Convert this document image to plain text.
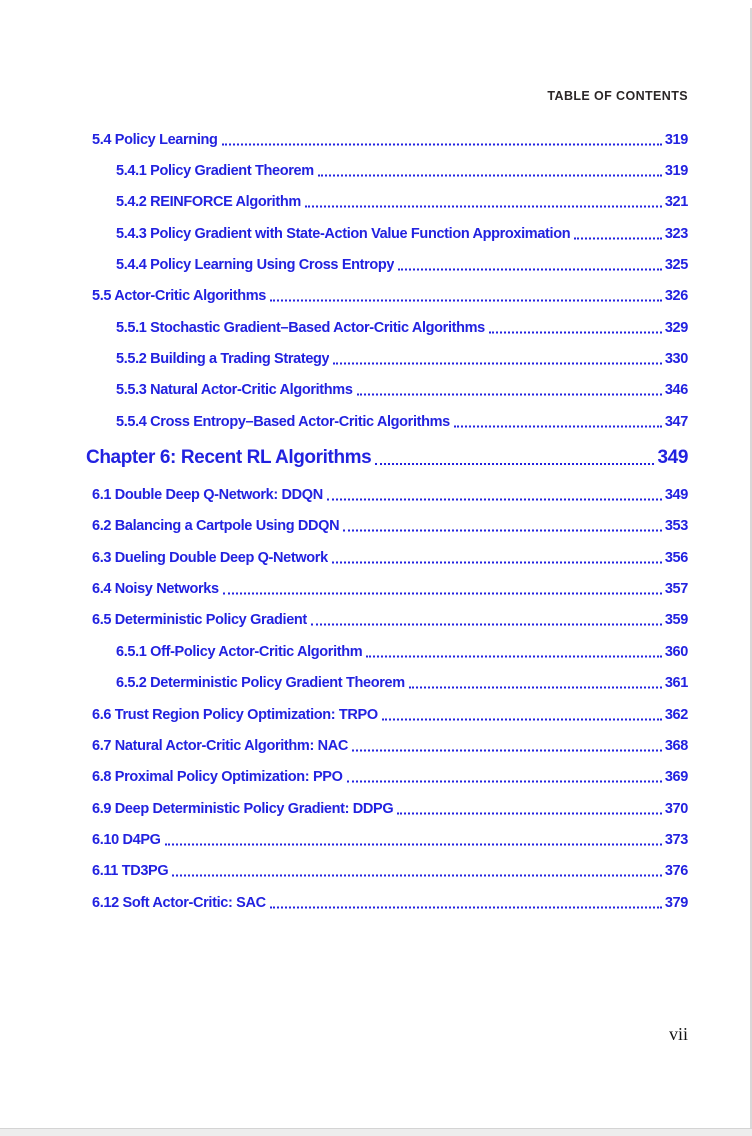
TABLE OF CONTENTS
5.4 Policy Learning	319
5.4.1 Policy Gradient Theorem	319
5.4.2 REINFORCE Algorithm	321
5.4.3 Policy Gradient with State-Action Value Function Approximation	323
5.4.4 Policy Learning Using Cross Entropy	325
5.5 Actor-Critic Algorithms	326
5.5.1 Stochastic Gradient–Based Actor-Critic Algorithms	329
5.5.2 Building a Trading Strategy	330
5.5.3 Natural Actor-Critic Algorithms	346
5.5.4 Cross Entropy–Based Actor-Critic Algorithms	347
Chapter 6: Recent RL Algorithms	349
6.1 Double Deep Q-Network: DDQN	349
6.2 Balancing a Cartpole Using DDQN	353
6.3 Dueling Double Deep Q-Network	356
6.4 Noisy Networks	357
6.5 Deterministic Policy Gradient	359
6.5.1 Off-Policy Actor-Critic Algorithm	360
6.5.2 Deterministic Policy Gradient Theorem	361
6.6 Trust Region Policy Optimization: TRPO	362
6.7 Natural Actor-Critic Algorithm: NAC	368
6.8 Proximal Policy Optimization: PPO	369
6.9 Deep Deterministic Policy Gradient: DDPG	370
6.10 D4PG	373
6.11 TD3PG	376
6.12 Soft Actor-Critic: SAC	379
vii
